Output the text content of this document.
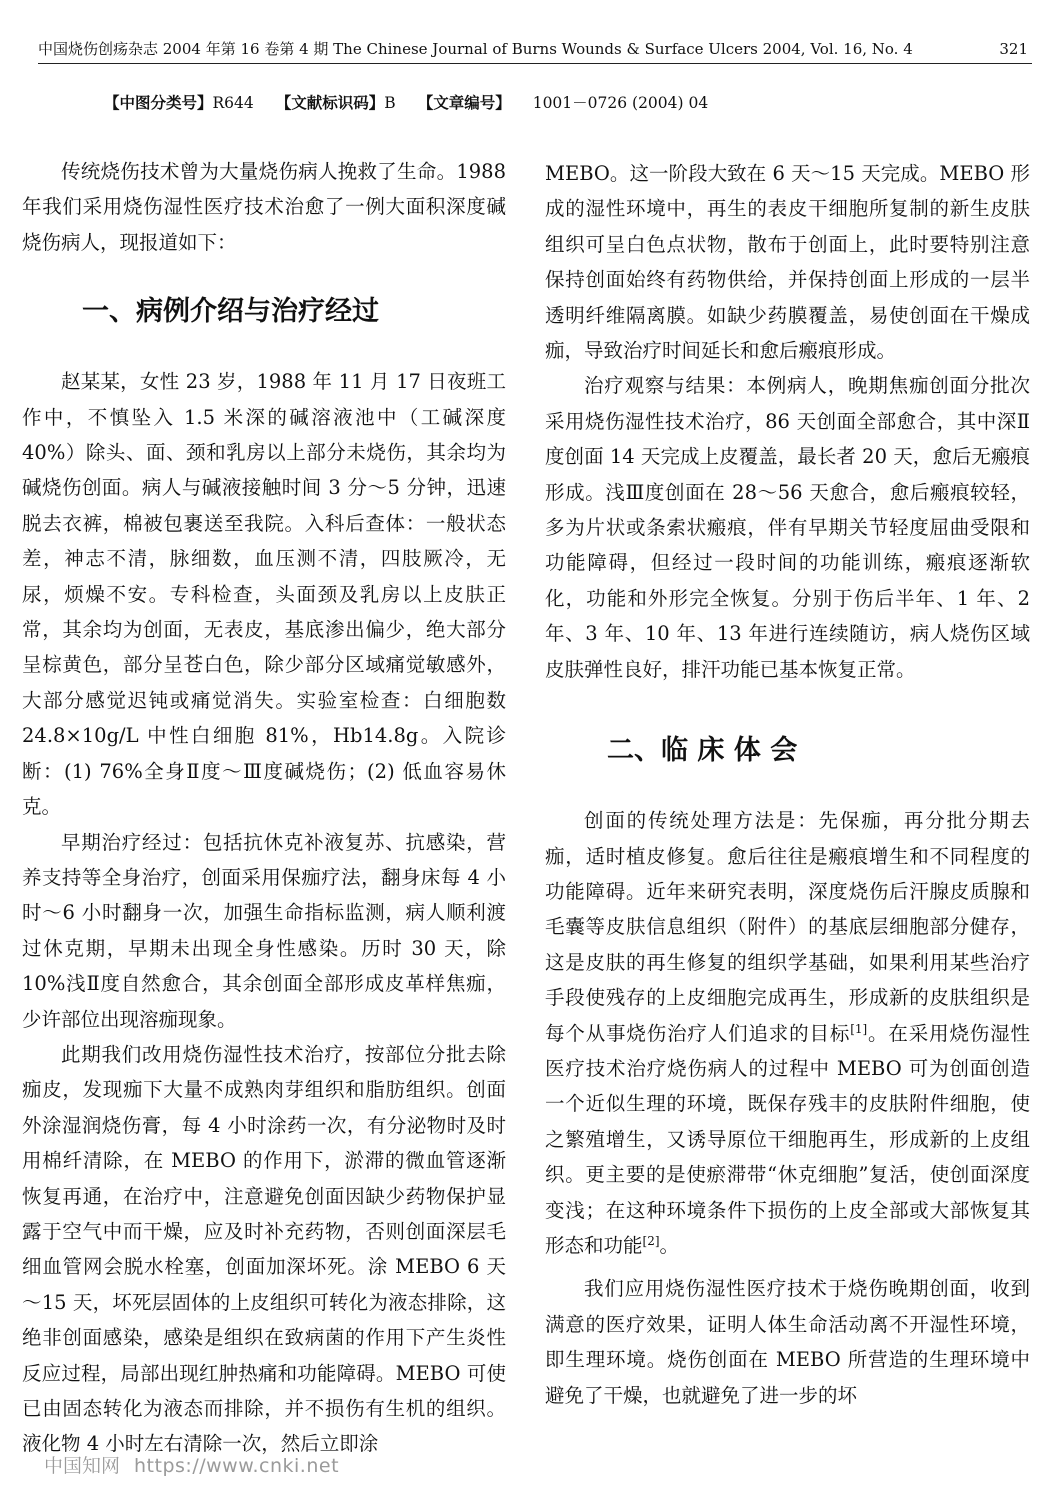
中国烧伤创疡杂志 2004 年第 16 卷第 4 期 The Chinese Journal of Burns Wounds & Surface Ulcers 2004, Vol. 16, No. 4	321
【中图分类号】R644 【文献标识码】B 【文章编号】 1001－0726 (2004) 04

传统烧伤技术曾为大量烧伤病人挽救了生命。1988 年我们采用烧伤湿性医疗技术治愈了一例大面积深度碱烧伤病人，现报道如下：

一、病例介绍与治疗经过

赵某某，女性 23 岁，1988 年 11 月 17 日夜班工作中，不慎坠入 1.5 米深的碱溶液池中（工碱深度 40%）除头、面、颈和乳房以上部分未烧伤，其余均为碱烧伤创面。病人与碱液接触时间 3 分～5 分钟，迅速脱去衣裤，棉被包裹送至我院。入科后查体：一般状态差，神志不清，脉细数，血压测不清，四肢厥冷，无尿，烦燥不安。专科检查，头面颈及乳房以上皮肤正常，其余均为创面，无表皮，基底渗出偏少，绝大部分呈棕黄色，部分呈苍白色，除少部分区域痛觉敏感外，大部分感觉迟钝或痛觉消失。实验室检查：白细胞数 24.8×10g/L 中性白细胞 81%，Hb14.8g。入院诊断：(1) 76%全身Ⅱ度～Ⅲ度碱烧伤；(2) 低血容易休克。

早期治疗经过：包括抗休克补液复苏、抗感染，营养支持等全身治疗，创面采用保痂疗法，翻身床每 4 小时～6 小时翻身一次，加强生命指标监测，病人顺利渡过休克期，早期未出现全身性感染。历时 30 天，除 10%浅Ⅱ度自然愈合，其余创面全部形成皮革样焦痂，少许部位出现溶痂现象。

此期我们改用烧伤湿性技术治疗，按部位分批去除痂皮，发现痂下大量不成熟肉芽组织和脂肪组织。创面外涂湿润烧伤膏，每 4 小时涂药一次，有分泌物时及时用棉纤清除，在 MEBO 的作用下，淤滞的微血管逐渐恢复再通，在治疗中，注意避免创面因缺少药物保护显露于空气中而干燥，应及时补充药物，否则创面深层毛细血管网会脱水栓塞，创面加深坏死。涂 MEBO 6 天～15 天，坏死层固体的上皮组织可转化为液态排除，这绝非创面感染，感染是组织在致病菌的作用下产生炎性反应过程，局部出现红肿热痛和功能障碍。MEBO 可使已由固态转化为液态而排除，并不损伤有生机的组织。液化物 4 小时左右清除一次，然后立即涂

MEBO。这一阶段大致在 6 天～15 天完成。MEBO 形成的湿性环境中，再生的表皮干细胞所复制的新生皮肤组织可呈白色点状物，散布于创面上，此时要特别注意保持创面始终有药物供给，并保持创面上形成的一层半透明纤维隔离膜。如缺少药膜覆盖，易使创面在干燥成痂，导致治疗时间延长和愈后瘢痕形成。

治疗观察与结果：本例病人，晚期焦痂创面分批次采用烧伤湿性技术治疗，86 天创面全部愈合，其中深Ⅱ度创面 14 天完成上皮覆盖，最长者 20 天，愈后无瘢痕形成。浅Ⅲ度创面在 28～56 天愈合，愈后瘢痕较轻，多为片状或条索状瘢痕，伴有早期关节轻度屈曲受限和功能障碍，但经过一段时间的功能训练，瘢痕逐渐软化，功能和外形完全恢复。分别于伤后半年、1 年、2 年、3 年、10 年、13 年进行连续随访，病人烧伤区域皮肤弹性良好，排汗功能已基本恢复正常。

二、临 床 体 会

创面的传统处理方法是：先保痂，再分批分期去痂，适时植皮修复。愈后往往是瘢痕增生和不同程度的功能障碍。近年来研究表明，深度烧伤后汗腺皮质腺和毛囊等皮肤信息组织（附件）的基底层细胞部分健存，这是皮肤的再生修复的组织学基础，如果利用某些治疗手段使残存的上皮细胞完成再生，形成新的皮肤组织是每个从事烧伤治疗人们追求的目标[1]。在采用烧伤湿性医疗技术治疗烧伤病人的过程中 MEBO 可为创面创造一个近似生理的环境，既保存残丰的皮肤附件细胞，使之繁殖增生，又诱导原位干细胞再生，形成新的上皮组织。更主要的是使瘀滞带“休克细胞”复活，使创面深度变浅；在这种环境条件下损伤的上皮全部或大部恢复其形态和功能[2]。

我们应用烧伤湿性医疗技术于烧伤晚期创面，收到满意的医疗效果，证明人体生命活动离不开湿性环境，即生理环境。烧伤创面在 MEBO 所营造的生理环境中避免了干燥，也就避免了进一步的坏

中国知网 https://www.cnki.net
